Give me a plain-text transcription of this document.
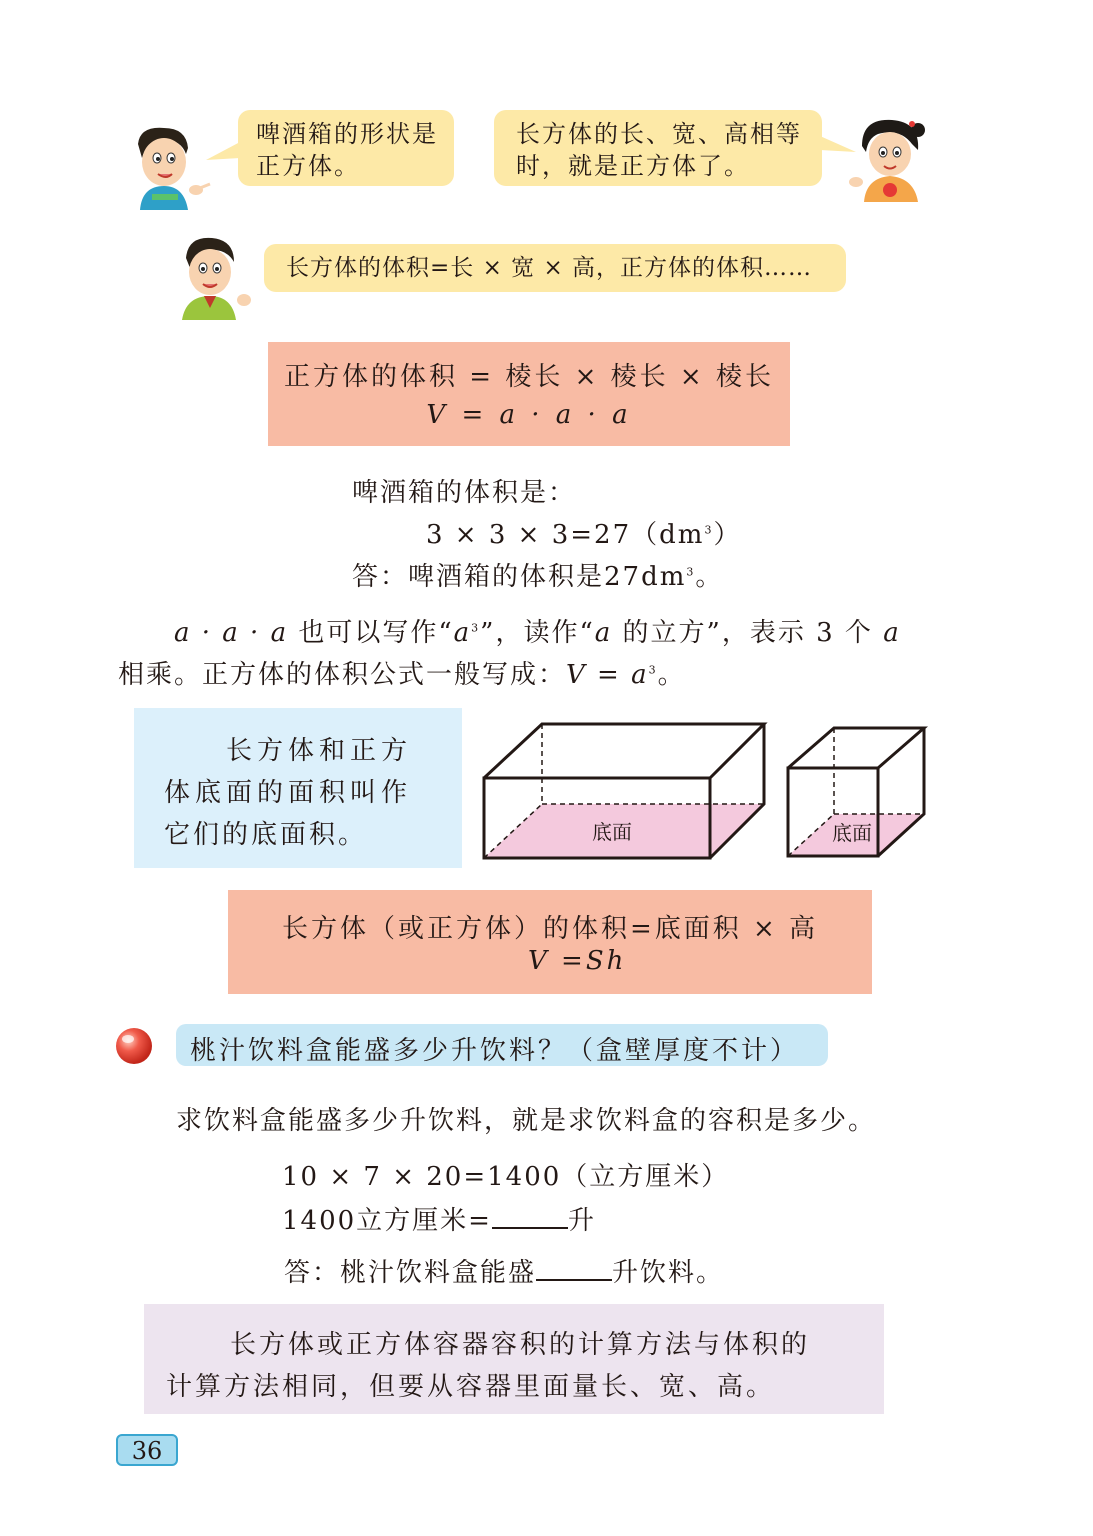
啤酒箱的形状是
正方体。
长方体的长、宽、高相等
时，就是正方体了。
长方体的体积=长 × 宽 × 高，正方体的体积……
正方体的体积 = 棱长 × 棱长 × 棱长
V = a · a · a
啤酒箱的体积是：
$3 \times 3 \times 3=27(dm^3)$
答：啤酒箱的体积是$27dm^3$。
a · a · a 也可以写作“$a^3$”，读作“a 的立方”，表示 3 个 a
相乘。正方体的体积公式一般写成：$V = a^3$。
长方体和正方
体底面的面积叫作
它们的底面积。	底面	底面
长方体（或正方体）的体积=底面积 × 高
V =Sh
桃汁饮料盒能盛多少升饮料？（盒壁厚度不计）
求饮料盒能盛多少升饮料，就是求饮料盒的容积是多少。
10 × 7 × 20=1400（立方厘米）
1400立方厘米=	升
答：桃汁饮料盒能盛	升饮料。
长方体或正方体容器容积的计算方法与体积的
计算方法相同，但要从容器里面量长、宽、高。
36
